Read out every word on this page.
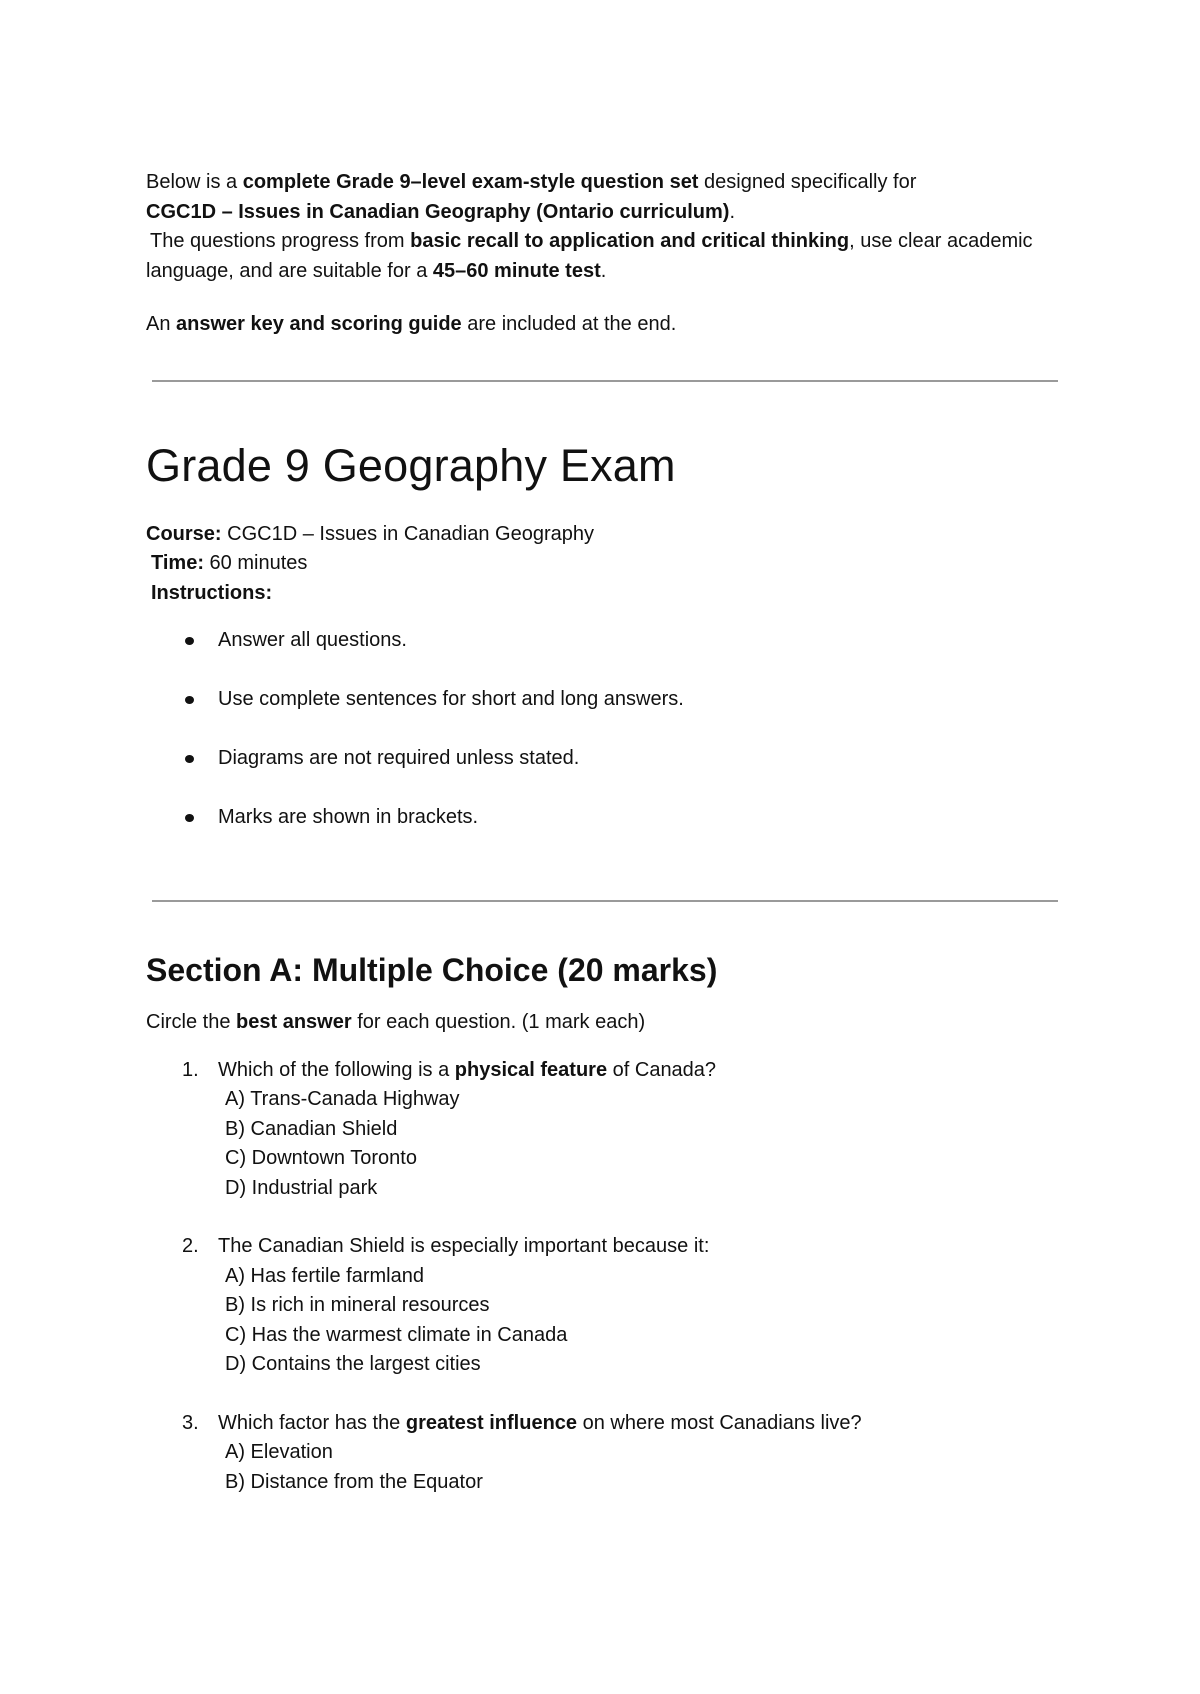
Below is a complete Grade 9–level exam-style question set designed specifically for
CGC1D – Issues in Canadian Geography (Ontario curriculum).
The questions progress from basic recall to application and critical thinking, use clear academic language, and are suitable for a 45–60 minute test.

An answer key and scoring guide are included at the end.

Grade 9 Geography Exam

Course: CGC1D – Issues in Canadian Geography

Time: 60 minutes

Instructions:

Answer all questions.
Use complete sentences for short and long answers.
Diagrams are not required unless stated.
Marks are shown in brackets.
Section A: Multiple Choice (20 marks)

Circle the best answer for each question. (1 mark each)

1. Which of the following is a physical feature of Canada?
A) Trans-Canada Highway
B) Canadian Shield
C) Downtown Toronto
D) Industrial park
2. The Canadian Shield is especially important because it:
A) Has fertile farmland
B) Is rich in mineral resources
C) Has the warmest climate in Canada
D) Contains the largest cities
3. Which factor has the greatest influence on where most Canadians live?
A) Elevation
B) Distance from the Equator
